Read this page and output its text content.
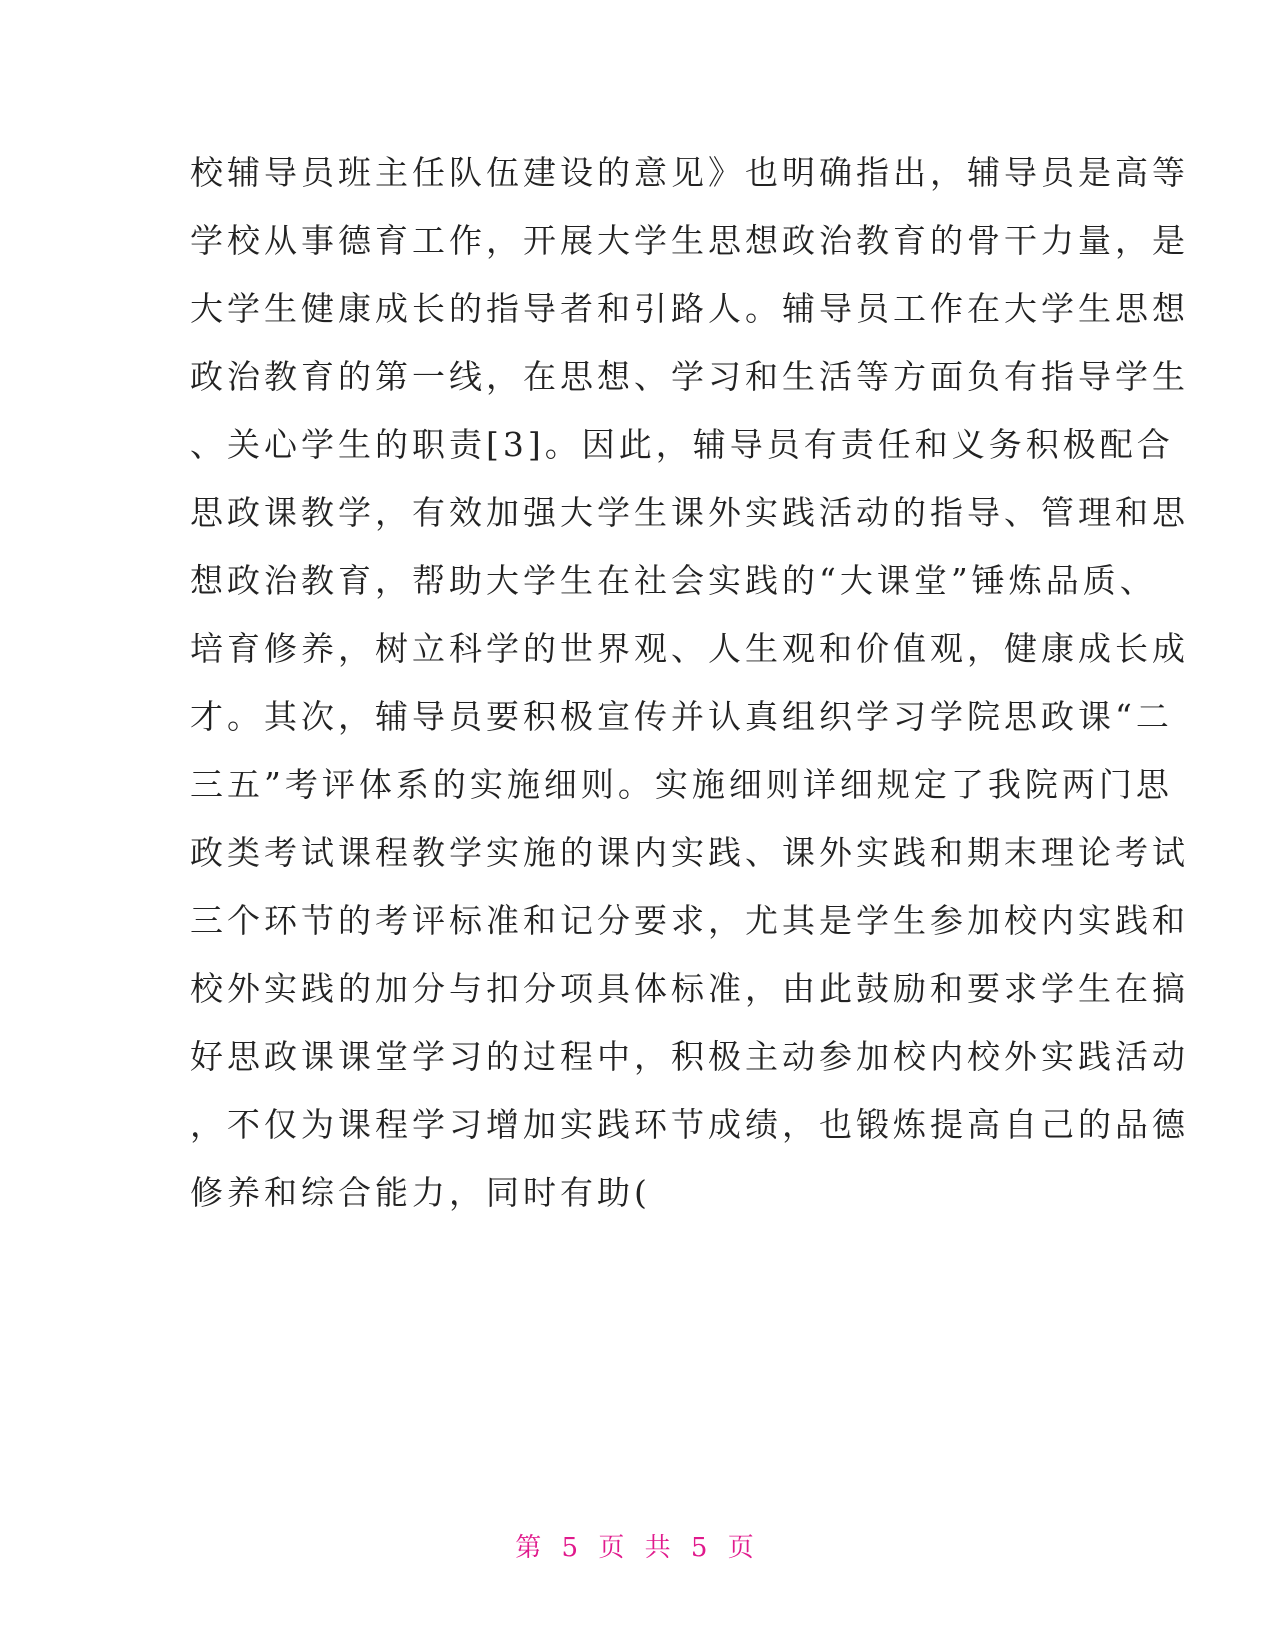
校辅导员班主任队伍建设的意见》也明确指出，辅导员是高等
学校从事德育工作，开展大学生思想政治教育的骨干力量，是
大学生健康成长的指导者和引路人。辅导员工作在大学生思想
政治教育的第一线，在思想、学习和生活等方面负有指导学生
、关心学生的职责[3]。因此，辅导员有责任和义务积极配合
思政课教学，有效加强大学生课外实践活动的指导、管理和思
想政治教育，帮助大学生在社会实践的“大课堂”锤炼品质、
培育修养，树立科学的世界观、人生观和价值观，健康成长成
才。其次，辅导员要积极宣传并认真组织学习学院思政课“二
三五”考评体系的实施细则。实施细则详细规定了我院两门思
政类考试课程教学实施的课内实践、课外实践和期末理论考试
三个环节的考评标准和记分要求，尤其是学生参加校内实践和
校外实践的加分与扣分项具体标准，由此鼓励和要求学生在搞
好思政课课堂学习的过程中，积极主动参加校内校外实践活动
，不仅为课程学习增加实践环节成绩，也锻炼提高自己的品德
修养和综合能力，同时有助(
第 5 页 共 5 页
